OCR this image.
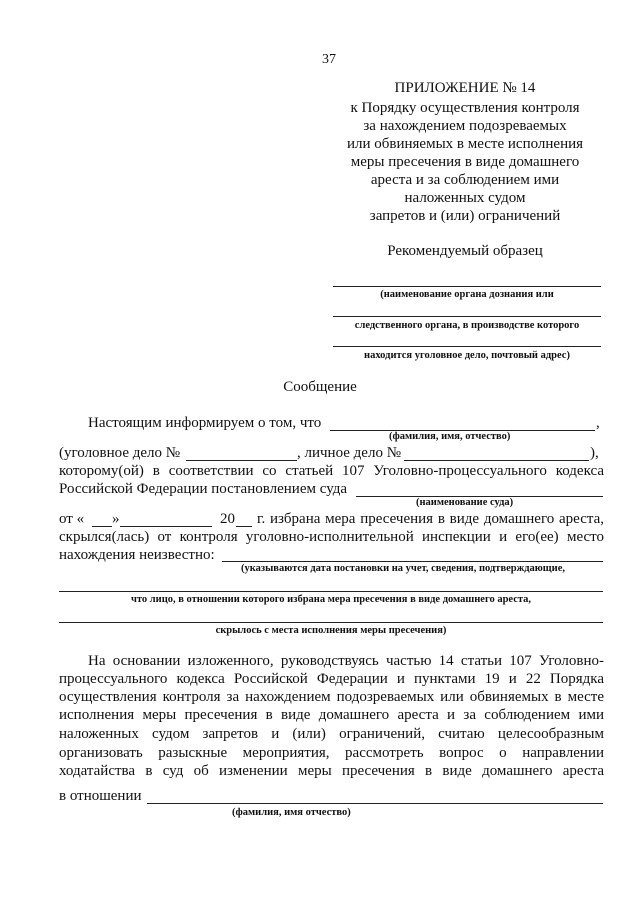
37
ПРИЛОЖЕНИЕ № 14
к Порядку осуществления контроля
за нахождением подозреваемых
или обвиняемых в месте исполнения
меры пресечения в виде домашнего
ареста и за соблюдением ими
наложенных судом
запретов и (или) ограничений
Рекомендуемый образец
(наименование органа дознания или
следственного органа, в производстве которого
находится уголовное дело, почтовый адрес)
Сообщение
Настоящим информируем о том, что	,
(фамилия, имя, отчество)
(уголовное дело №	, личное дело №	),
которому(ой) в соответствии со статьей 107 Уголовно-процессуального кодекса
Российской Федерации постановлением суда
(наименование суда)
от « »	20 г. избрана мера пресечения в виде домашнего ареста,
скрылся(лась) от контроля уголовно-исполнительной инспекции и его(ее) место
нахождения неизвестно:
(указываются дата постановки на учет, сведения, подтверждающие,
что лицо, в отношении которого избрана мера пресечения в виде домашнего ареста,
скрылось с места исполнения меры пресечения)
На основании изложенного, руководствуясь частью 14 статьи 107 Уголовно-
процессуального кодекса Российской Федерации и пунктами 19 и 22 Порядка
осуществления контроля за нахождением подозреваемых или обвиняемых в месте
исполнения меры пресечения в виде домашнего ареста и за соблюдением ими
наложенных судом запретов и (или) ограничений, считаю целесообразным
организовать разыскные мероприятия, рассмотреть вопрос о направлении
ходатайства в суд об изменении меры пресечения в виде домашнего ареста
в отношении
(фамилия, имя отчество)
